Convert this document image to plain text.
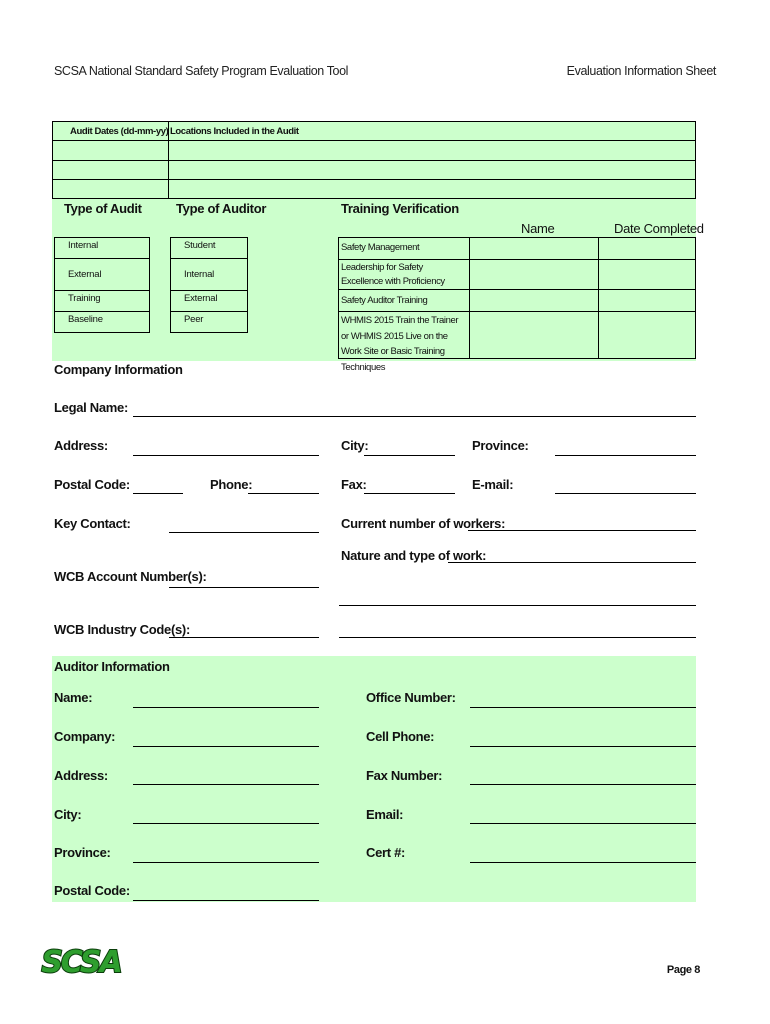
SCSA National Standard Safety Program Evaluation Tool	Evaluation Information Sheet
Audit Dates (dd-mm-yy) Locations Included in the Audit
Type of Audit	Type of Auditor	Training Verification
Name	Date Completed
Internal
External
Training
Baseline
Student
Internal
External
Peer
Safety Management
Leadership for Safety Excellence with Proficiency
Safety Auditor Training
WHMIS 2015 Train the Trainer or WHMIS 2015 Live on the Work Site or Basic Training Techniques
Company Information
Legal Name:
Address:	City:	Province:
Postal Code:	Phone:	Fax:	E-mail:
Key Contact:	Current number of workers:
Nature and type of work:
WCB Account Number(s):
WCB Industry Code(s):
Auditor Information
Name:	Office Number:
Company:	Cell Phone:
Address:	Fax Number:
City:	Email:
Province:	Cert #:
Postal Code:
SCSA	Page 8
